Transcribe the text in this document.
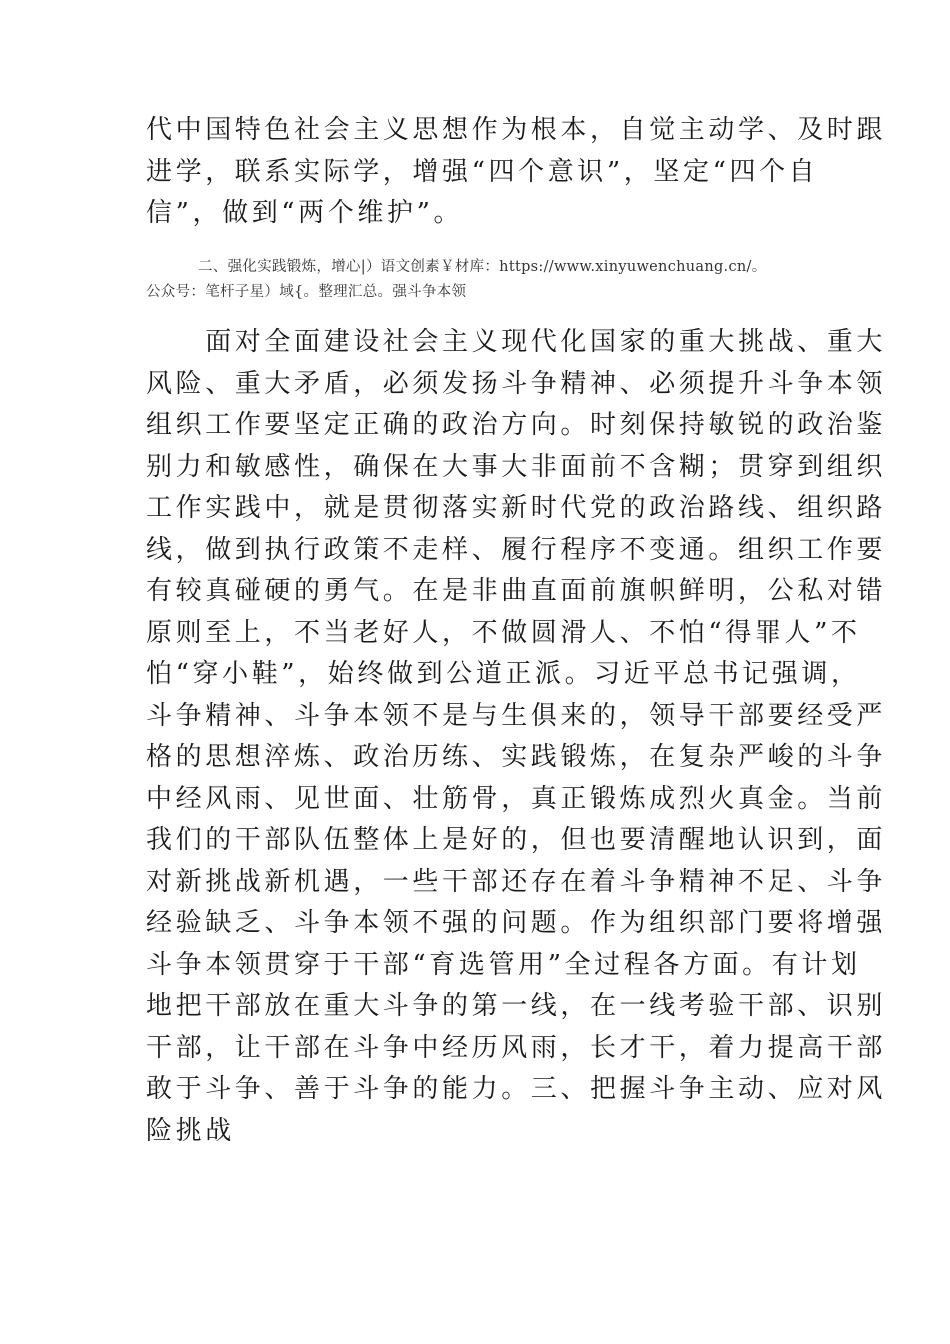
代中国特色社会主义思想作为根本，自觉主动学、及时跟
进学，联系实际学，增强“四个意识”，坚定“四个自
信”，做到“两个维护”。
二、强化实践锻炼，增心|）语文创素￥材库：https://www.xinyuwenchuang.cn/。
公众号：笔杆子星）域{。整理汇总。强斗争本领
　　面对全面建设社会主义现代化国家的重大挑战、重大
风险、重大矛盾，必须发扬斗争精神、必须提升斗争本领
组织工作要坚定正确的政治方向。时刻保持敏锐的政治鉴
别力和敏感性，确保在大事大非面前不含糊；贯穿到组织
工作实践中，就是贯彻落实新时代党的政治路线、组织路
线，做到执行政策不走样、履行程序不变通。组织工作要
有较真碰硬的勇气。在是非曲直面前旗帜鲜明，公私对错
原则至上，不当老好人，不做圆滑人、不怕“得罪人”不
怕“穿小鞋”，始终做到公道正派。习近平总书记强调，
斗争精神、斗争本领不是与生俱来的，领导干部要经受严
格的思想淬炼、政治历练、实践锻炼，在复杂严峻的斗争
中经风雨、见世面、壮筋骨，真正锻炼成烈火真金。当前
我们的干部队伍整体上是好的，但也要清醒地认识到，面
对新挑战新机遇，一些干部还存在着斗争精神不足、斗争
经验缺乏、斗争本领不强的问题。作为组织部门要将增强
斗争本领贯穿于干部“育选管用”全过程各方面。有计划
地把干部放在重大斗争的第一线，在一线考验干部、识别
干部，让干部在斗争中经历风雨，长才干，着力提高干部
敢于斗争、善于斗争的能力。三、把握斗争主动、应对风
险挑战
